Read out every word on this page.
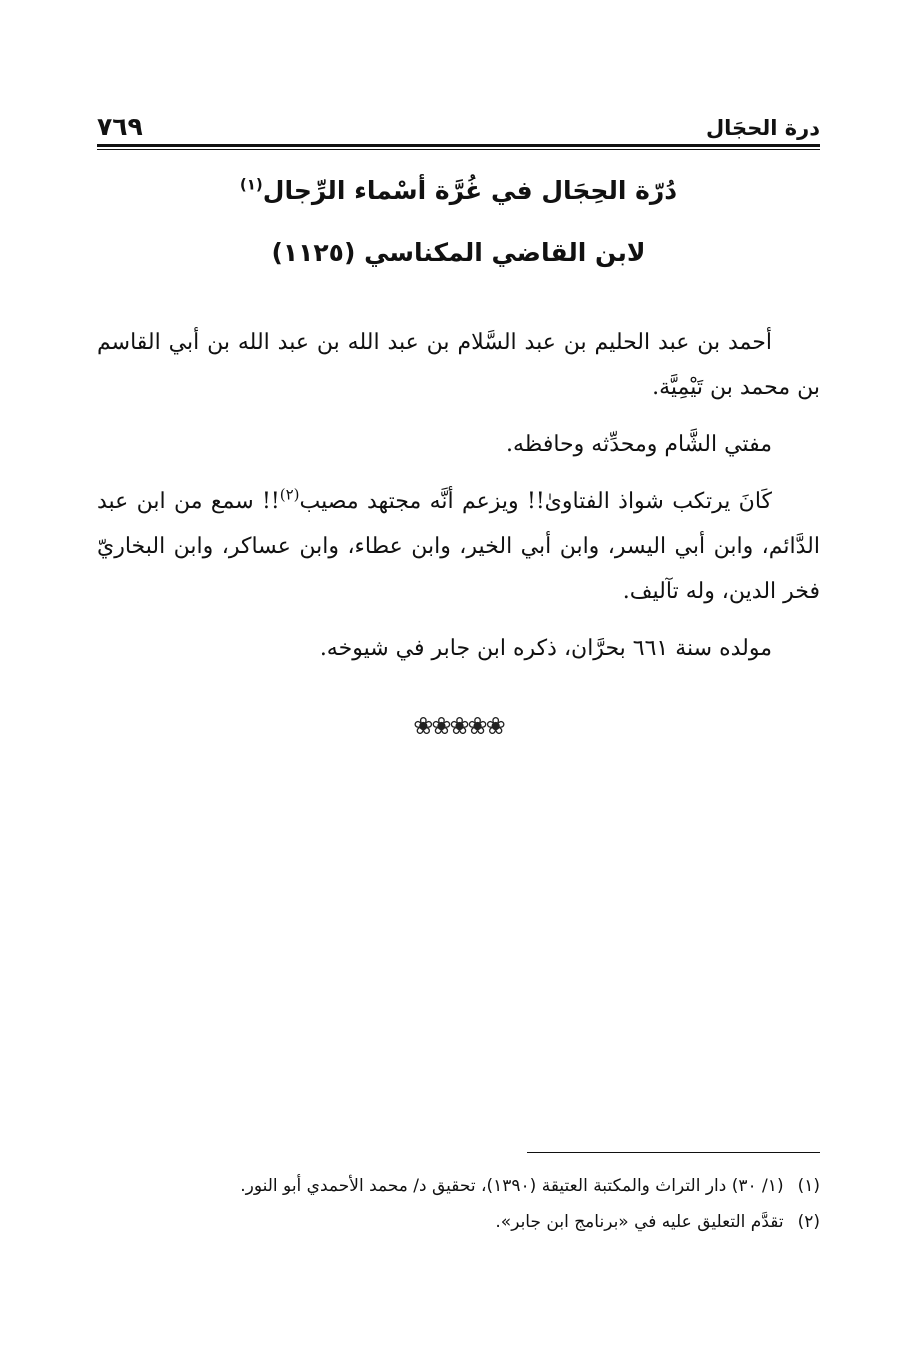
٧٦٩	درة الحجَال
دُرّة الحِجَال في غُرَّة أسْماء الرِّجال$^{(١)}$
لابن القاضي المكناسي (١١٢٥)

أحمد بن عبد الحليم بن عبد السَّلام بن عبد الله بن عبد الله بن أبي القاسم بن محمد بن تَيْمِيَّة.

مفتي الشَّام ومحدِّثه وحافظه.

كَانَ يرتكب شواذ الفتاوىٰ!! ويزعم أنَّه مجتهد مصيب$^{(٢)}$!! سمع من ابن عبد الدَّائم، وابن أبي اليسر، وابن أبي الخير، وابن عطاء، وابن عساكر، وابن البخاريّ فخر الدين، وله تآليف.

مولده سنة ٦٦١ بحرَّان، ذكره ابن جابر في شيوخه.

❀❀❀❀❀
(١)
(١/ ٣٠) دار التراث والمكتبة العتيقة (١٣٩٠)، تحقيق د/ محمد الأحمدي أبو النور.
(٢)
تقدَّم التعليق عليه في «برنامج ابن جابر».
